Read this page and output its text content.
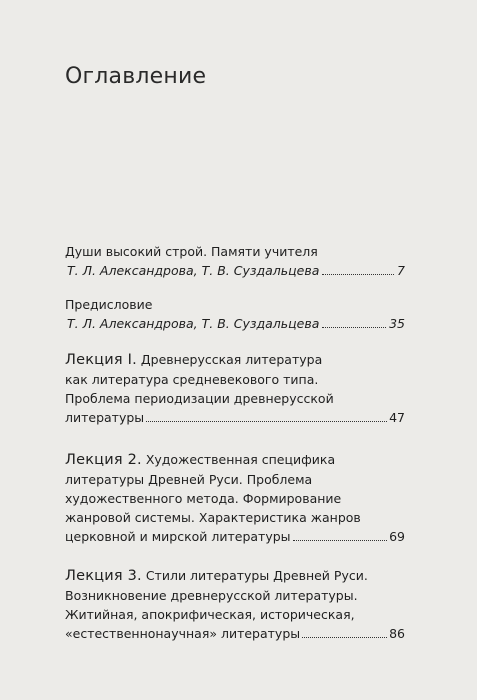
Оглавление
Души высокий строй. Памяти учителя
Т. Л. Александрова, Т. В. Суздальцева	7
Предисловие
Т. Л. Александрова, Т. В. Суздальцева	35
Лекция I. Древнерусская литература
как литература средневекового типа.
Проблема периодизации древнерусской
литературы	47
Лекция 2. Художественная специфика
литературы Древней Руси. Проблема
художественного метода. Формирование
жанровой системы. Характеристика жанров
церковной и мирской литературы	69
Лекция 3. Стили литературы Древней Руси.
Возникновение древнерусской литературы.
Житийная, апокрифическая, историческая,
«естественнонаучная» литературы	86
